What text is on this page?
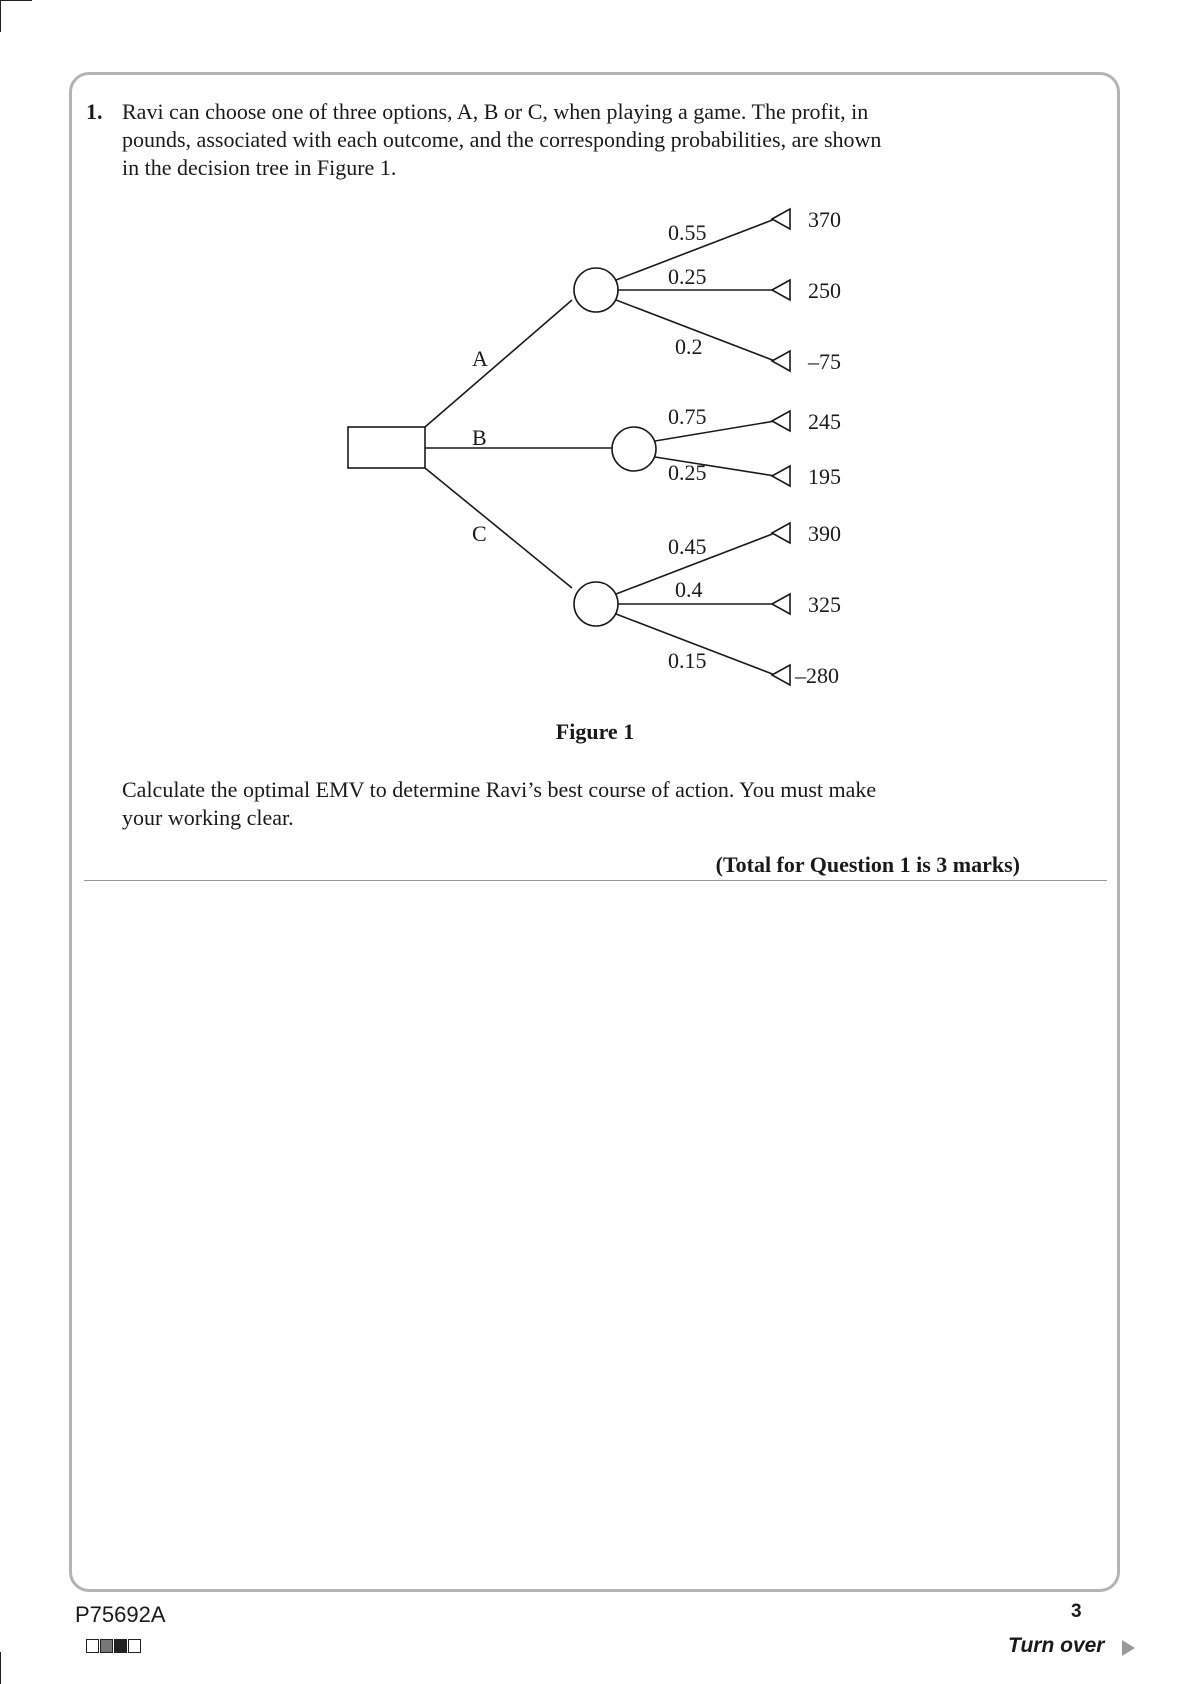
1. Ravi can choose one of three options, A, B or C, when playing a game. The profit, in
pounds, associated with each outcome, and the corresponding probabilities, are shown
in the decision tree in Figure 1.
A
B
C
0.55
0.25
0.2
0.75
0.25
0.45
0.4
0.15
370
250
–75
245
195
390
325
–280
Figure 1
Calculate the optimal EMV to determine Ravi’s best course of action. You must make
your working clear.
(Total for Question 1 is 3 marks)
P75692A	3
Turn over
